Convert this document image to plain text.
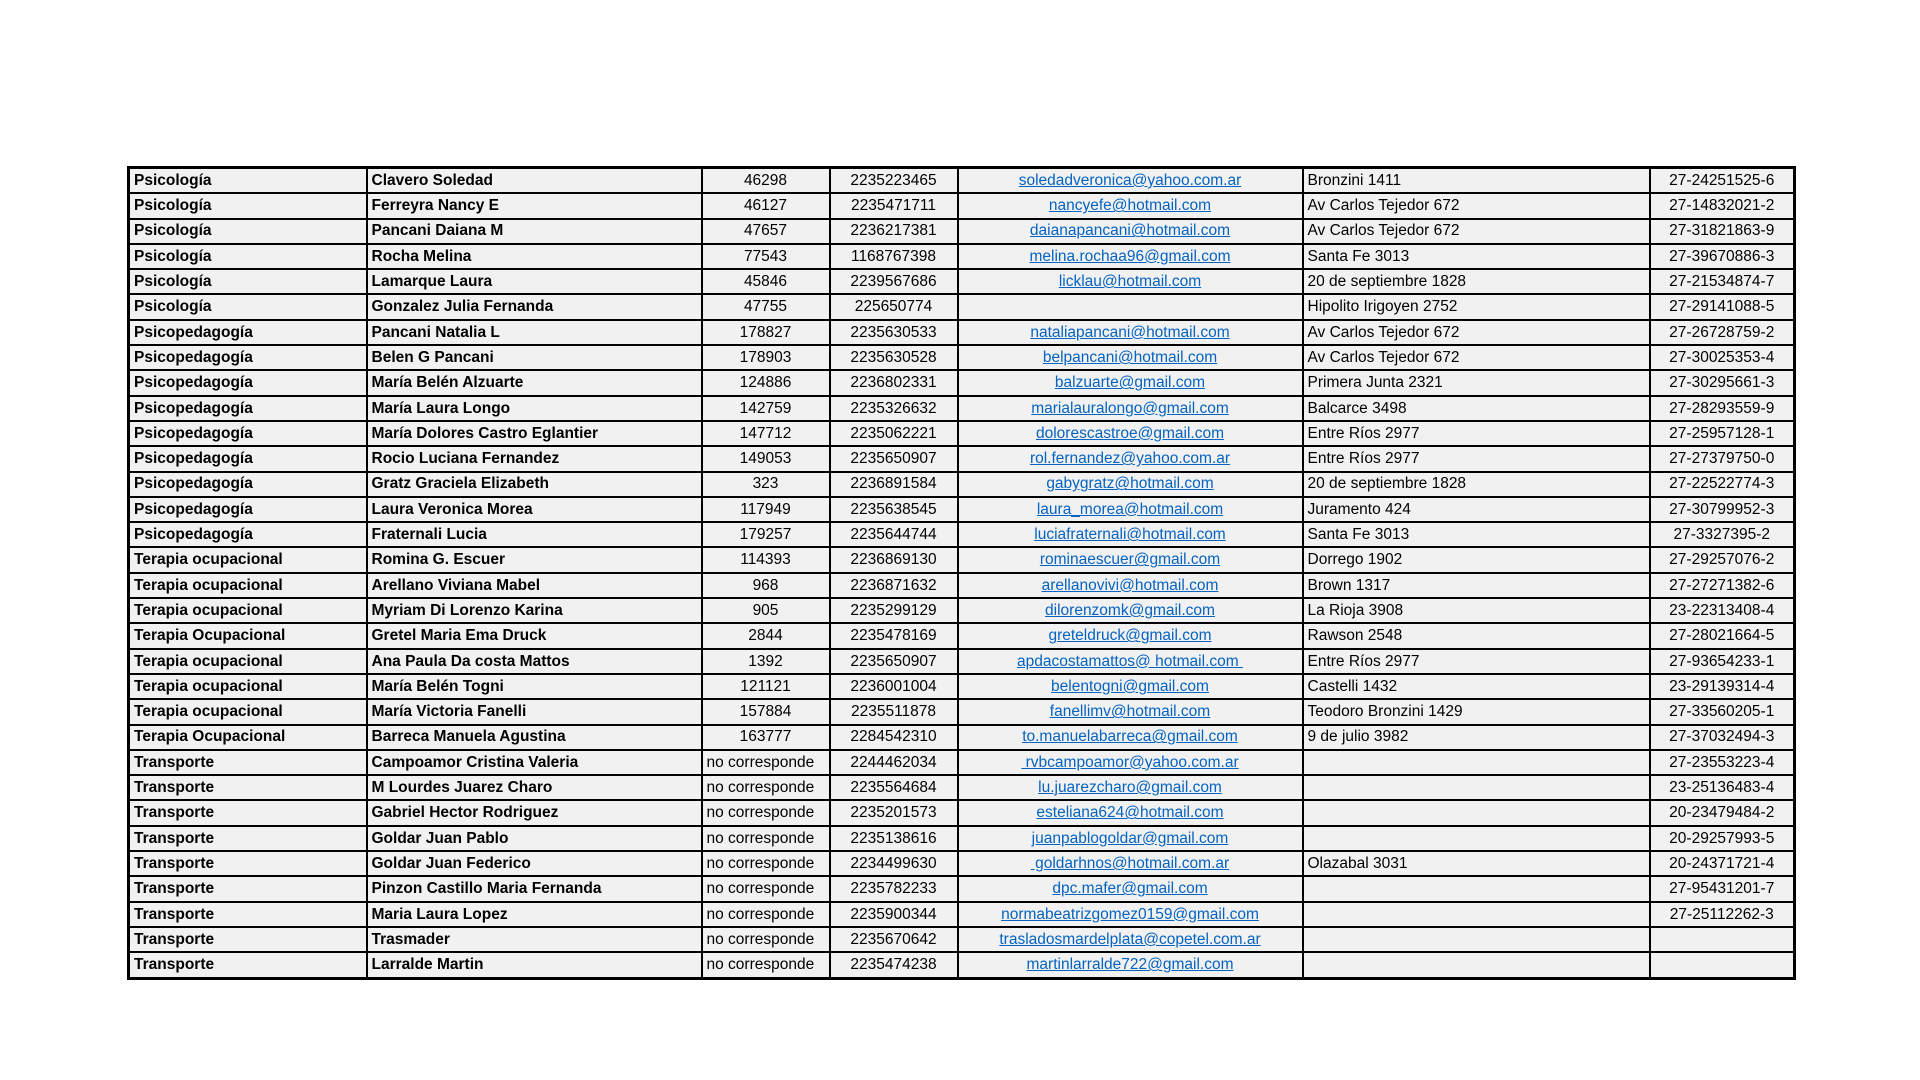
Psicología	Clavero Soledad	46298	2235223465	soledadveronica@yahoo.com.ar	Bronzini 1411	27-24251525-6
Psicología	Ferreyra Nancy E	46127	2235471711	nancyefe@hotmail.com	Av Carlos Tejedor 672	27-14832021-2
Psicología	Pancani Daiana M	47657	2236217381	daianapancani@hotmail.com	Av Carlos Tejedor 672	27-31821863-9
Psicología	Rocha Melina	77543	1168767398	melina.rochaa96@gmail.com	Santa Fe 3013	27-39670886-3
Psicología	Lamarque Laura	45846	2239567686	licklau@hotmail.com	20 de septiembre 1828	27-21534874-7
Psicología	Gonzalez Julia Fernanda	47755	225650774		Hipolito Irigoyen 2752	27-29141088-5
Psicopedagogía	Pancani Natalia L	178827	2235630533	nataliapancani@hotmail.com	Av Carlos Tejedor 672	27-26728759-2
Psicopedagogía	Belen G Pancani	178903	2235630528	belpancani@hotmail.com	Av Carlos Tejedor 672	27-30025353-4
Psicopedagogía	María Belén Alzuarte	124886	2236802331	balzuarte@gmail.com	Primera Junta 2321	27-30295661-3
Psicopedagogía	María Laura Longo	142759	2235326632	marialauralongo@gmail.com	Balcarce 3498	27-28293559-9
Psicopedagogía	María Dolores Castro Eglantier	147712	2235062221	dolorescastroe@gmail.com	Entre Ríos 2977	27-25957128-1
Psicopedagogía	Rocio Luciana Fernandez	149053	2235650907	rol.fernandez@yahoo.com.ar	Entre Ríos 2977	27-27379750-0
Psicopedagogía	Gratz Graciela Elizabeth	323	2236891584	gabygratz@hotmail.com	20 de septiembre 1828	27-22522774-3
Psicopedagogía	Laura Veronica Morea	117949	2235638545	laura_morea@hotmail.com	Juramento 424	27-30799952-3
Psicopedagogía	Fraternali Lucia	179257	2235644744	luciafraternali@hotmail.com	Santa Fe 3013	27-3327395-2
Terapia ocupacional	Romina G. Escuer	114393	2236869130	rominaescuer@gmail.com	Dorrego 1902	27-29257076-2
Terapia ocupacional	Arellano Viviana Mabel	968	2236871632	arellanovivi@hotmail.com	Brown 1317	27-27271382-6
Terapia ocupacional	Myriam Di Lorenzo Karina	905	2235299129	dilorenzomk@gmail.com	La Rioja 3908	23-22313408-4
Terapia Ocupacional	Gretel Maria Ema Druck	2844	2235478169	greteldruck@gmail.com	Rawson 2548	27-28021664-5
Terapia ocupacional	Ana Paula Da costa Mattos	1392	2235650907	apdacostamattos@ hotmail.com	Entre Ríos 2977	27-93654233-1
Terapia ocupacional	María Belén Togni	121121	2236001004	belentogni@gmail.com	Castelli 1432	23-29139314-4
Terapia ocupacional	María Victoria Fanelli	157884	2235511878	fanellimv@hotmail.com	Teodoro Bronzini 1429	27-33560205-1
Terapia Ocupacional	Barreca Manuela Agustina	163777	2284542310	to.manuelabarreca@gmail.com	9 de julio 3982	27-37032494-3
Transporte	Campoamor Cristina Valeria	no corresponde	2244462034	rvbcampoamor@yahoo.com.ar		27-23553223-4
Transporte	M Lourdes Juarez Charo	no corresponde	2235564684	lu.juarezcharo@gmail.com		23-25136483-4
Transporte	Gabriel Hector Rodriguez	no corresponde	2235201573	esteliana624@hotmail.com		20-23479484-2
Transporte	Goldar Juan Pablo	no corresponde	2235138616	juanpablogoldar@gmail.com		20-29257993-5
Transporte	Goldar Juan Federico	no corresponde	2234499630	goldarhnos@hotmail.com.ar	Olazabal 3031	20-24371721-4
Transporte	Pinzon Castillo Maria Fernanda	no corresponde	2235782233	dpc.mafer@gmail.com		27-95431201-7
Transporte	Maria Laura Lopez	no corresponde	2235900344	normabeatrizgomez0159@gmail.com		27-25112262-3
Transporte	Trasmader	no corresponde	2235670642	trasladosmardelplata@copetel.com.ar		
Transporte	Larralde Martin	no corresponde	2235474238	martinlarralde722@gmail.com		
